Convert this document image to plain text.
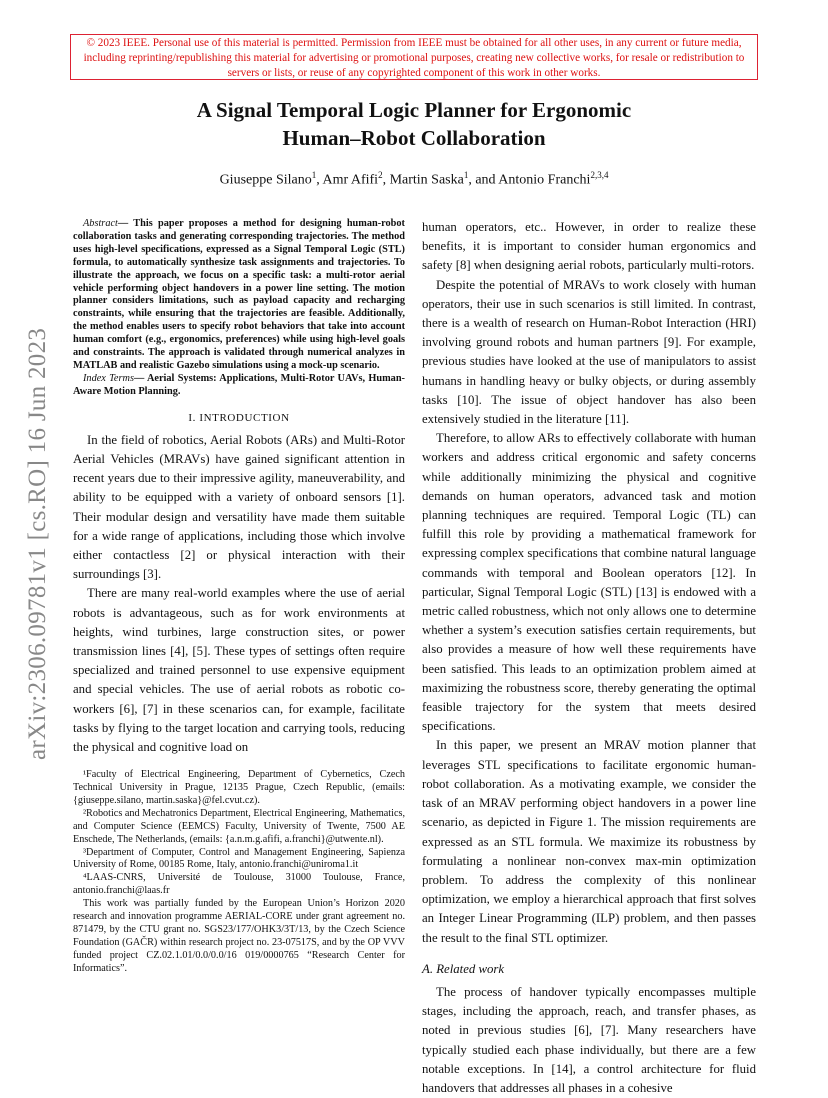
© 2023 IEEE. Personal use of this material is permitted. Permission from IEEE must be obtained for all other uses, in any current or future media, including reprinting/republishing this material for advertising or promotional purposes, creating new collective works, for resale or redistribution to servers or lists, or reuse of any copyrighted component of this work in other works.
arXiv:2306.09781v1 [cs.RO] 16 Jun 2023
A Signal Temporal Logic Planner for Ergonomic
Human–Robot Collaboration
Giuseppe Silano$^1$, Amr Afifi$^2$, Martin Saska$^1$, and Antonio Franchi$^{2,3,4}$

Abstract— This paper proposes a method for designing human-robot collaboration tasks and generating corresponding trajectories. The method uses high-level specifications, expressed as a Signal Temporal Logic (STL) formula, to automatically synthesize task assignments and trajectories. To illustrate the approach, we focus on a specific task: a multi-rotor aerial vehicle performing object handovers in a power line setting. The motion planner considers limitations, such as payload capacity and recharging constraints, while ensuring that the trajectories are feasible. Additionally, the method enables users to specify robot behaviors that take into account human comfort (e.g., ergonomics, preferences) while using high-level goals and constraints. The approach is validated through numerical analyzes in MATLAB and realistic Gazebo simulations using a mock-up scenario.

Index Terms— Aerial Systems: Applications, Multi-Rotor UAVs, Human-Aware Motion Planning.

I. INTRODUCTION

In the field of robotics, Aerial Robots (ARs) and Multi-Rotor Aerial Vehicles (MRAVs) have gained significant attention in recent years due to their impressive agility, maneuverability, and ability to be equipped with a variety of onboard sensors [1]. Their modular design and versatility have made them suitable for a wide range of applications, including those which involve either contactless [2] or physical interaction with their surroundings [3].

There are many real-world examples where the use of aerial robots is advantageous, such as for work environments at heights, wind turbines, large construction sites, or power transmission lines [4], [5]. These types of settings often require specialized and trained personnel to use expensive equipment and special vehicles. The use of aerial robots as robotic co-workers [6], [7] in these scenarios can, for example, facilitate tasks by flying to the target location and carrying tools, reducing the physical and cognitive load on

¹Faculty of Electrical Engineering, Department of Cybernetics, Czech Technical University in Prague, 12135 Prague, Czech Republic, (emails: {giuseppe.silano, martin.saska}@fel.cvut.cz).

²Robotics and Mechatronics Department, Electrical Engineering, Mathematics, and Computer Science (EEMCS) Faculty, University of Twente, 7500 AE Enschede, The Netherlands, (emails: {a.n.m.g.afifi, a.franchi}@utwente.nl).

³Department of Computer, Control and Management Engineering, Sapienza University of Rome, 00185 Rome, Italy, antonio.franchi@uniroma1.it

⁴LAAS-CNRS, Université de Toulouse, 31000 Toulouse, France, antonio.franchi@laas.fr

This work was partially funded by the European Union’s Horizon 2020 research and innovation programme AERIAL-CORE under grant agreement no. 871479, by the CTU grant no. SGS23/177/OHK3/3T/13, by the Czech Science Foundation (GAČR) within research project no. 23-07517S, and by the OP VVV funded project CZ.02.1.01/0.0/0.0/16 019/0000765 “Research Center for Informatics”.

human operators, etc.. However, in order to realize these benefits, it is important to consider human ergonomics and safety [8] when designing aerial robots, particularly multi-rotors.

Despite the potential of MRAVs to work closely with human operators, their use in such scenarios is still limited. In contrast, there is a wealth of research on Human-Robot Interaction (HRI) involving ground robots and human partners [9]. For example, previous studies have looked at the use of manipulators to assist humans in handling heavy or bulky objects, or during assembly tasks [10]. The issue of object handover has also been extensively studied in the literature [11].

Therefore, to allow ARs to effectively collaborate with human workers and address critical ergonomic and safety concerns while additionally minimizing the physical and cognitive demands on human operators, advanced task and motion planning techniques are required. Temporal Logic (TL) can fulfill this role by providing a mathematical framework for expressing complex specifications that combine natural language commands with temporal and Boolean operators [12]. In particular, Signal Temporal Logic (STL) [13] is endowed with a metric called robustness, which not only allows one to determine whether a system’s execution satisfies certain requirements, but also provides a measure of how well these requirements have been satisfied. This leads to an optimization problem aimed at maximizing the robustness score, thereby generating the optimal feasible trajectory for the system that meets desired specifications.

In this paper, we present an MRAV motion planner that leverages STL specifications to facilitate ergonomic human-robot collaboration. As a motivating example, we consider the task of an MRAV performing object handovers in a power line scenario, as depicted in Figure 1. The mission requirements are expressed as an STL formula. We maximize its robustness by formulating a nonlinear non-convex max-min optimization problem. To address the complexity of this nonlinear optimization, we employ a hierarchical approach that first solves an Integer Linear Programming (ILP) problem, and then passes the result to the final STL optimizer.

A. Related work

The process of handover typically encompasses multiple stages, including the approach, reach, and transfer phases, as noted in previous studies [6], [7]. Many researchers have typically studied each phase individually, but there are a few notable exceptions. In [14], a control architecture for fluid handovers that addresses all phases in a cohesive
